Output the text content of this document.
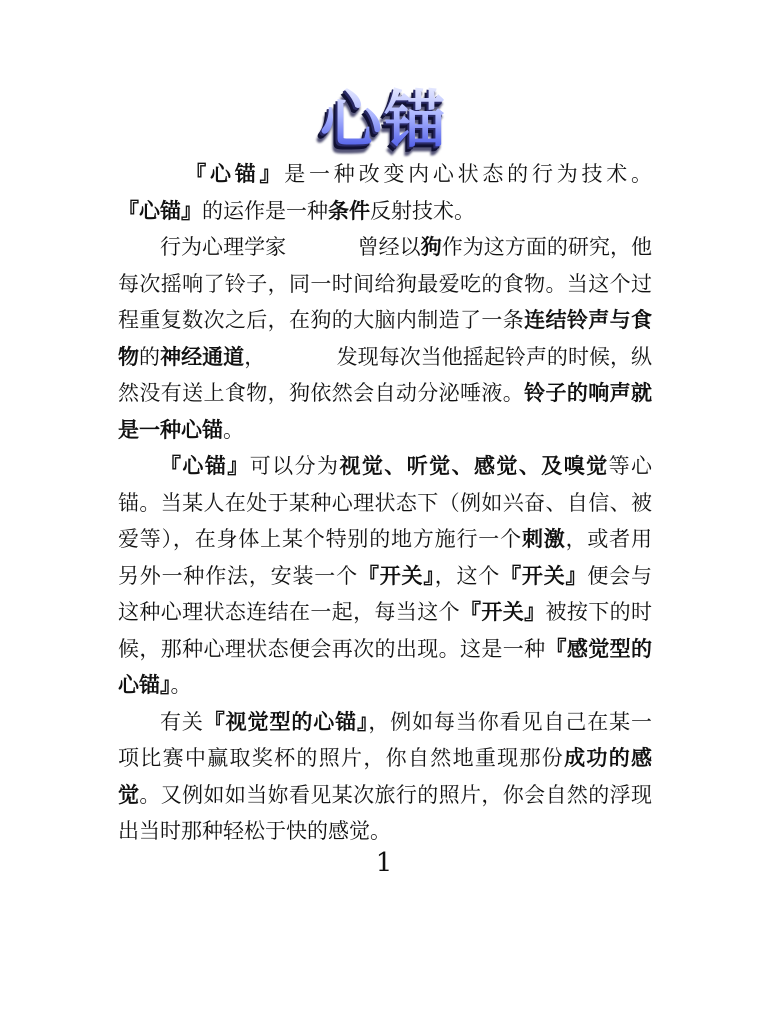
心锚

『心锚』是一种改变内心状态的行为技术。『心锚』的运作是一种条件反射技术。

行为心理学家	曾经以狗作为这方面的研究，他每次摇响了铃子，同一时间给狗最爱吃的食物。当这个过程重复数次之后，在狗的大脑内制造了一条连结铃声与食物的神经通道，	发现每次当他摇起铃声的时候，纵然没有送上食物，狗依然会自动分泌唾液。铃子的响声就是一种心锚。

『心锚』可以分为视觉、听觉、感觉、及嗅觉等心锚。当某人在处于某种心理状态下（例如兴奋、自信、被爱等），在身体上某个特别的地方施行一个刺激，或者用另外一种作法，安装一个『开关』，这个『开关』便会与这种心理状态连结在一起，每当这个『开关』被按下的时候，那种心理状态便会再次的出现。这是一种『感觉型的心锚』。

有关『视觉型的心锚』，例如每当你看见自己在某一项比赛中赢取奖杯的照片，你自然地重现那份成功的感觉。又例如如当妳看见某次旅行的照片，你会自然的浮现出当时那种轻松于快的感觉。

1
